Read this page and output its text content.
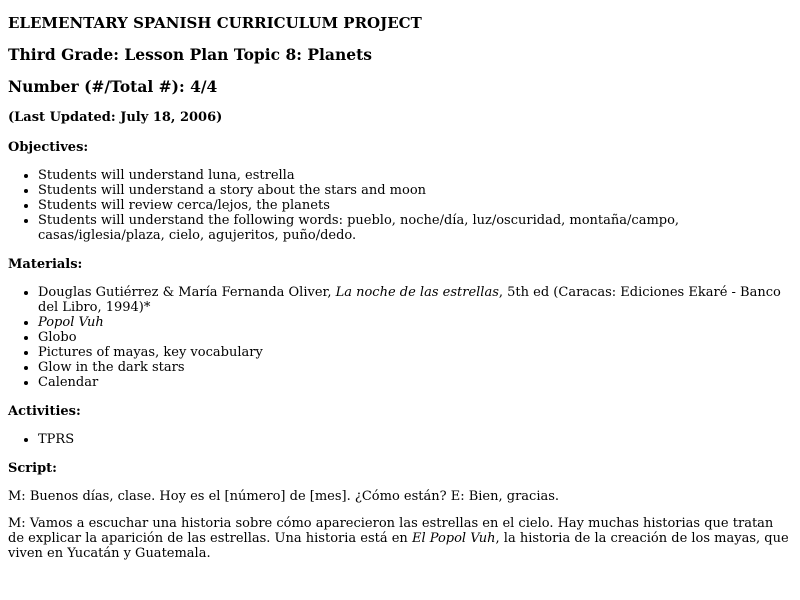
ELEMENTARY SPANISH CURRICULUM PROJECT
Third Grade: Lesson Plan Topic 8: Planets
Number (#/Total #): 4/4
(Last Updated: July 18, 2006)
Objectives:
• Students will understand luna, estrella
• Students will understand a story about the stars and moon
• Students will review cerca/lejos, the planets
• Students will understand the following words: pueblo, noche/día, luz/oscuridad, montaña/campo, casas/iglesia/plaza, cielo, agujeritos, puño/dedo.
Materials:
• Douglas Gutiérrez & María Fernanda Oliver, La noche de las estrellas, 5th ed (Caracas: Ediciones Ekaré - Banco del Libro, 1994)*
• Popol Vuh
• Globo
• Pictures of mayas, key vocabulary
• Glow in the dark stars
• Calendar
Activities:
• TPRS
Script:

M: Buenos días, clase. Hoy es el [número] de [mes]. ¿Cómo están? E: Bien, gracias.

M: Vamos a escuchar una historia sobre cómo aparecieron las estrellas en el cielo. Hay muchas historias que tratan de explicar la aparición de las estrellas. Una historia está en El Popol Vuh, la historia de la creación de los mayas, que viven en Yucatán y Guatemala.
